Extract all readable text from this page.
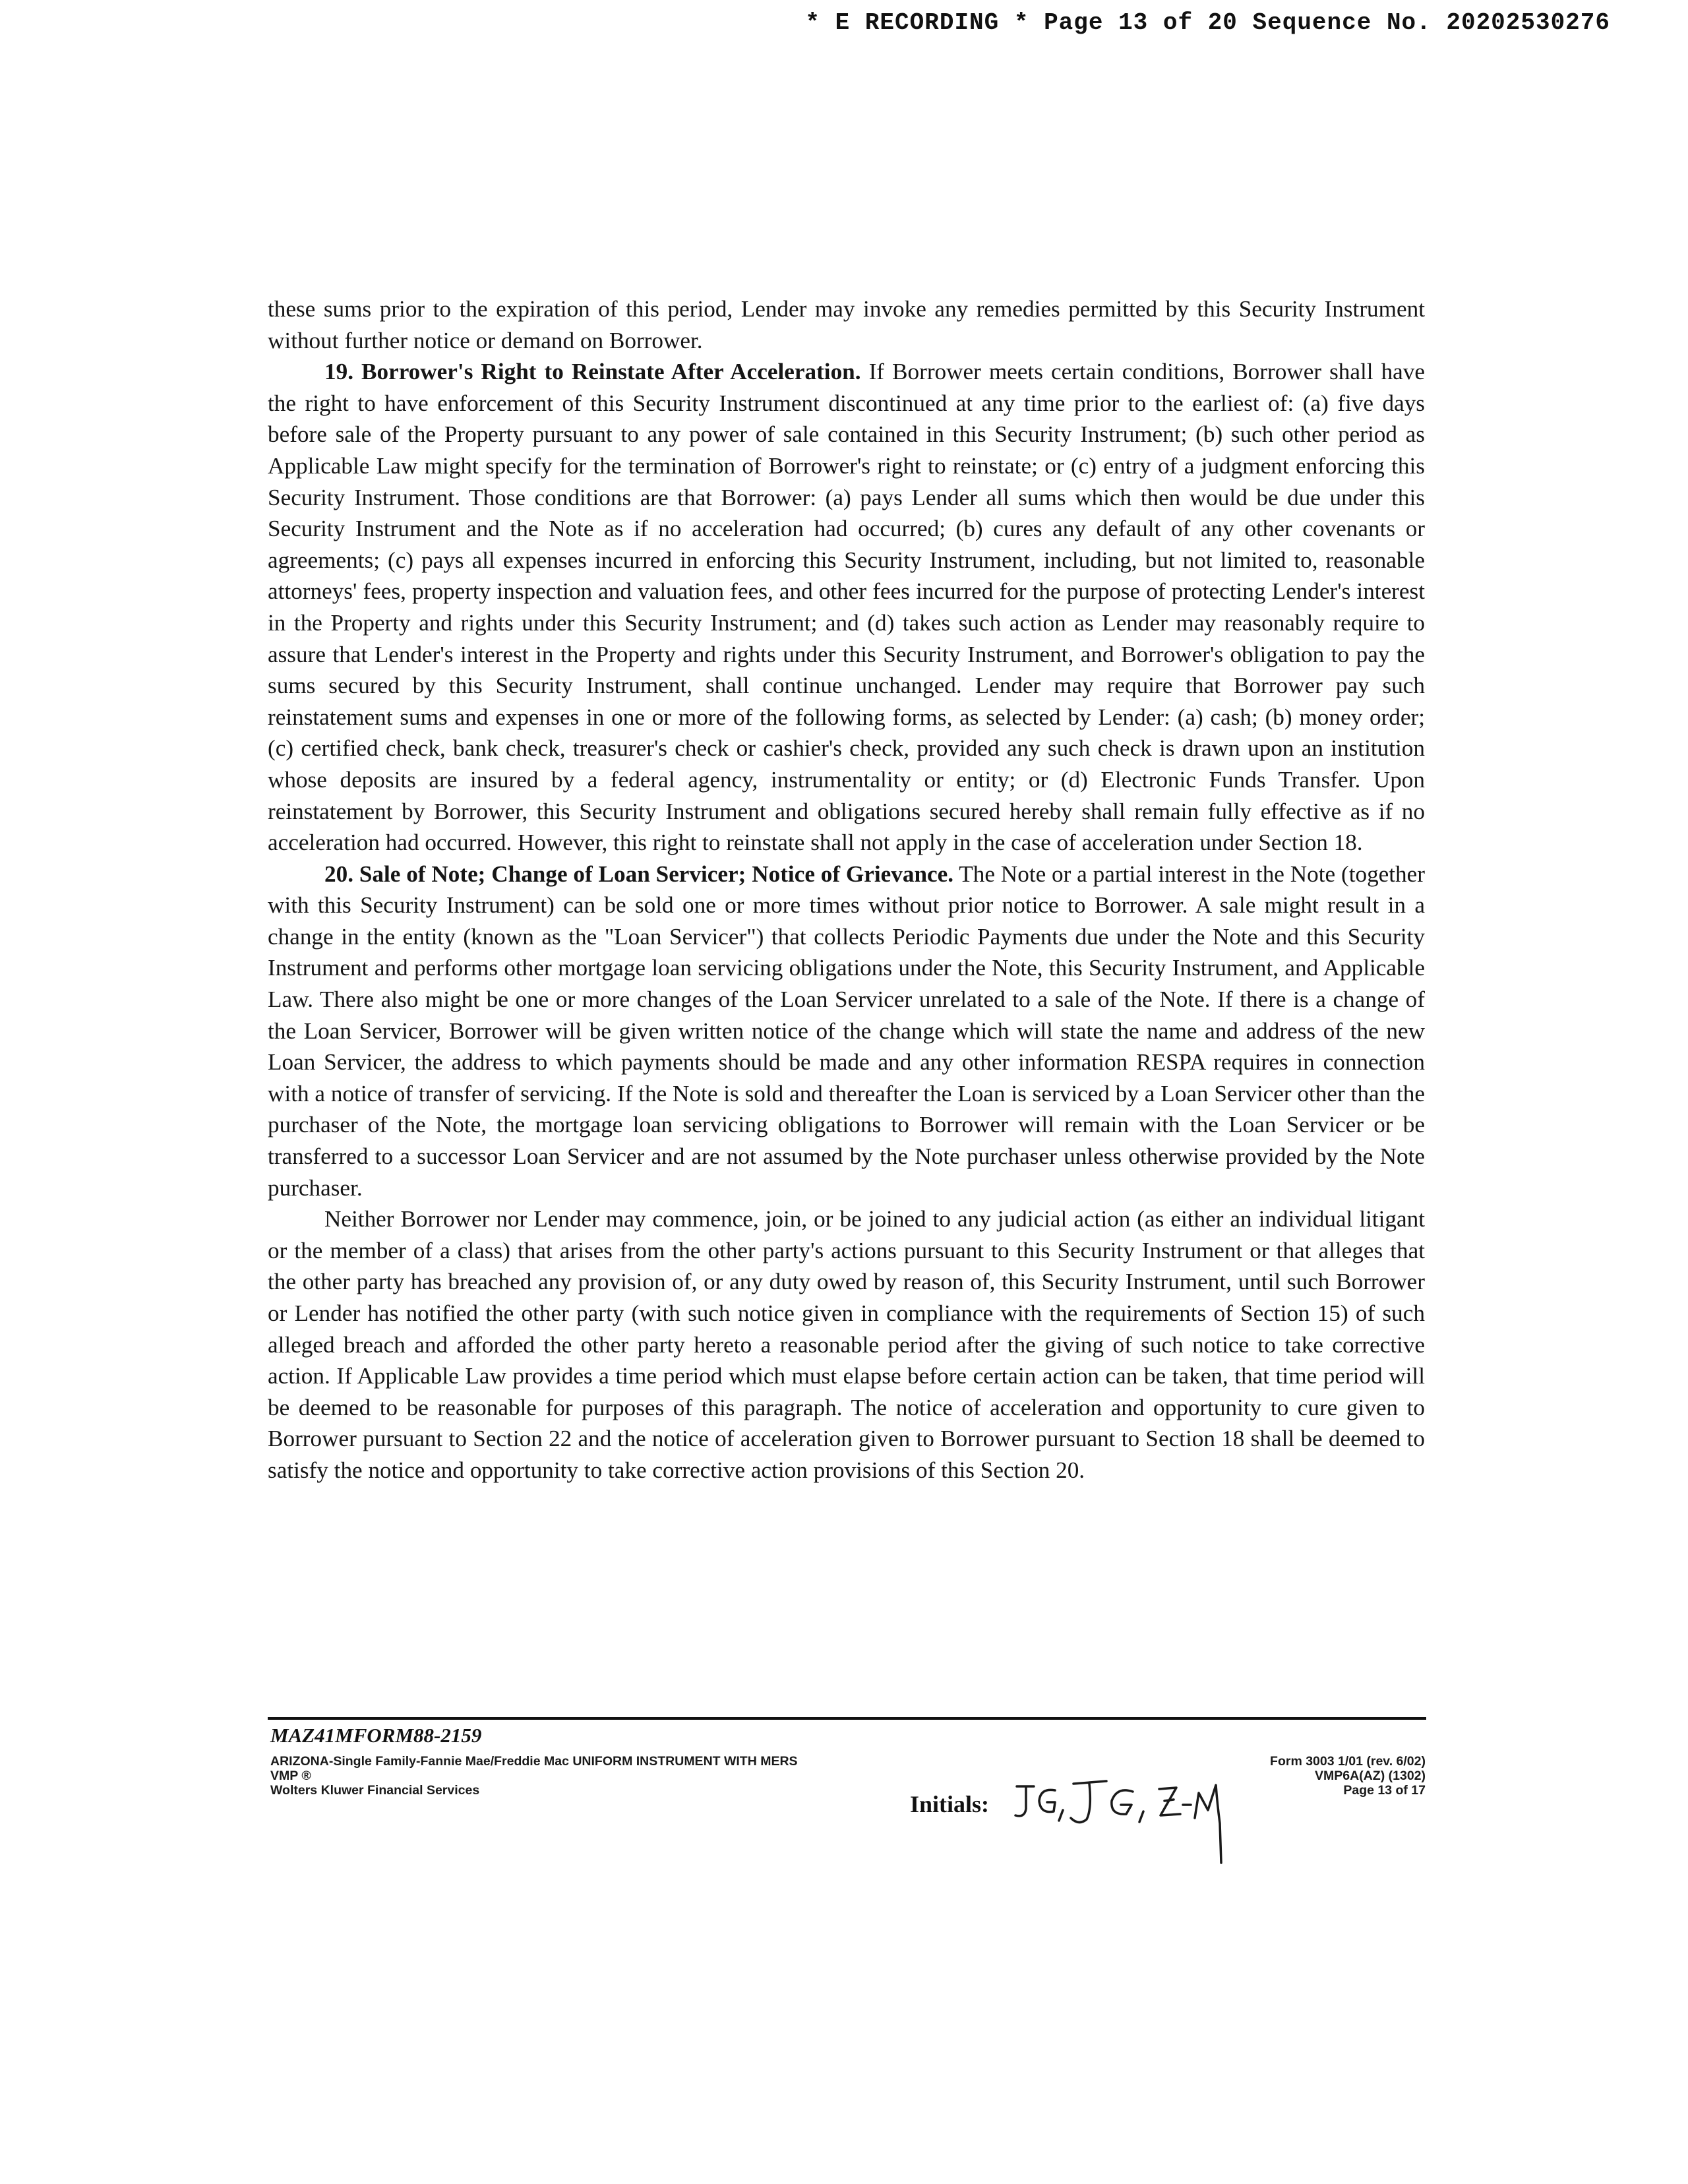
* E RECORDING * Page 13 of 20 Sequence No. 20202530276

these sums prior to the expiration of this period, Lender may invoke any remedies permitted by this Security Instrument without further notice or demand on Borrower.

19. Borrower's Right to Reinstate After Acceleration. If Borrower meets certain conditions, Borrower shall have the right to have enforcement of this Security Instrument discontinued at any time prior to the earliest of: (a) five days before sale of the Property pursuant to any power of sale contained in this Security Instrument; (b) such other period as Applicable Law might specify for the termination of Borrower's right to reinstate; or (c) entry of a judgment enforcing this Security Instrument. Those conditions are that Borrower: (a) pays Lender all sums which then would be due under this Security Instrument and the Note as if no acceleration had occurred; (b) cures any default of any other covenants or agreements; (c) pays all expenses incurred in enforcing this Security Instrument, including, but not limited to, reasonable attorneys' fees, property inspection and valuation fees, and other fees incurred for the purpose of protecting Lender's interest in the Property and rights under this Security Instrument; and (d) takes such action as Lender may reasonably require to assure that Lender's interest in the Property and rights under this Security Instrument, and Borrower's obligation to pay the sums secured by this Security Instrument, shall continue unchanged. Lender may require that Borrower pay such reinstatement sums and expenses in one or more of the following forms, as selected by Lender: (a) cash; (b) money order; (c) certified check, bank check, treasurer's check or cashier's check, provided any such check is drawn upon an institution whose deposits are insured by a federal agency, instrumentality or entity; or (d) Electronic Funds Transfer. Upon reinstatement by Borrower, this Security Instrument and obligations secured hereby shall remain fully effective as if no acceleration had occurred. However, this right to reinstate shall not apply in the case of acceleration under Section 18.

20. Sale of Note; Change of Loan Servicer; Notice of Grievance. The Note or a partial interest in the Note (together with this Security Instrument) can be sold one or more times without prior notice to Borrower. A sale might result in a change in the entity (known as the "Loan Servicer") that collects Periodic Payments due under the Note and this Security Instrument and performs other mortgage loan servicing obligations under the Note, this Security Instrument, and Applicable Law. There also might be one or more changes of the Loan Servicer unrelated to a sale of the Note. If there is a change of the Loan Servicer, Borrower will be given written notice of the change which will state the name and address of the new Loan Servicer, the address to which payments should be made and any other information RESPA requires in connection with a notice of transfer of servicing. If the Note is sold and thereafter the Loan is serviced by a Loan Servicer other than the purchaser of the Note, the mortgage loan servicing obligations to Borrower will remain with the Loan Servicer or be transferred to a successor Loan Servicer and are not assumed by the Note purchaser unless otherwise provided by the Note purchaser.

Neither Borrower nor Lender may commence, join, or be joined to any judicial action (as either an individual litigant or the member of a class) that arises from the other party's actions pursuant to this Security Instrument or that alleges that the other party has breached any provision of, or any duty owed by reason of, this Security Instrument, until such Borrower or Lender has notified the other party (with such notice given in compliance with the requirements of Section 15) of such alleged breach and afforded the other party hereto a reasonable period after the giving of such notice to take corrective action. If Applicable Law provides a time period which must elapse before certain action can be taken, that time period will be deemed to be reasonable for purposes of this paragraph. The notice of acceleration and opportunity to cure given to Borrower pursuant to Section 22 and the notice of acceleration given to Borrower pursuant to Section 18 shall be deemed to satisfy the notice and opportunity to take corrective action provisions of this Section 20.

MAZ41MFORM88-2159
ARIZONA-Single Family-Fannie Mae/Freddie Mac UNIFORM INSTRUMENT WITH MERS
VMP ®
Wolters Kluwer Financial Services
Form 3003 1/01 (rev. 6/02)
VMP6A(AZ) (1302)
Page 13 of 17
Initials:
